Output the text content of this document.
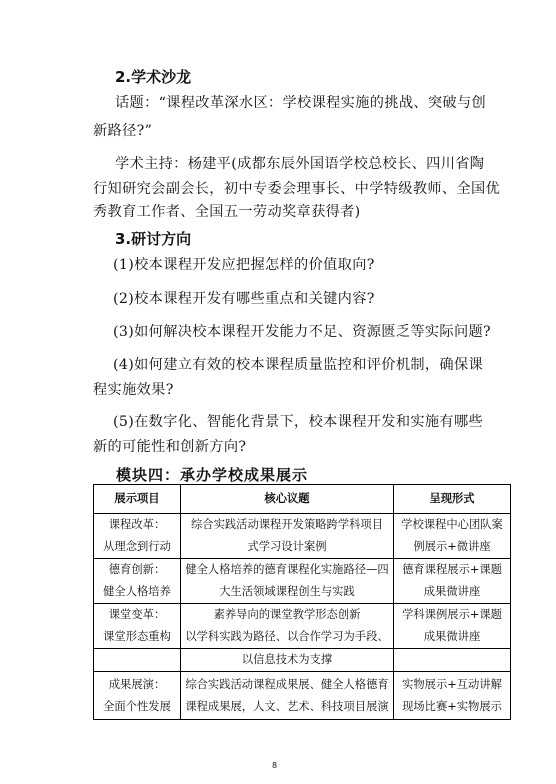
2.学术沙龙
话题：“课程改革深水区：学校课程实施的挑战、突破与创
新路径?”
学术主持：杨建平(成都东辰外国语学校总校长、四川省陶
行知研究会副会长，初中专委会理事长、中学特级教师、全国优
秀教育工作者、全国五一劳动奖章获得者)
3.研讨方向
(1)校本课程开发应把握怎样的价值取向?
(2)校本课程开发有哪些重点和关键内容?
(3)如何解决校本课程开发能力不足、资源匮乏等实际问题?
(4)如何建立有效的校本课程质量监控和评价机制，确保课
程实施效果?
(5)在数字化、智能化背景下，校本课程开发和实施有哪些
新的可能性和创新方向?
模块四：承办学校成果展示
展示项目	核心议题	呈现形式

课程改革：
从理念到行动	综合实践活动课程开发策略跨学科项目
式学习设计案例	学校课程中心团队案
例展示+微讲座

德育创新：
健全人格培养	健全人格培养的德育课程化实施路径—四
大生活领域课程创生与实践	德育课程展示+课题
成果微讲座

课堂变革：
课堂形态重构	素养导向的课堂教学形态创新
以学科实践为路径、以合作学习为手段、	学科课例展示+课题
成果微讲座

	以信息技术为支撑	

成果展演：
全面个性发展	综合实践活动课程成果展、健全人格德育
课程成果展，人文、艺术、科技项目展演	实物展示+互动讲解
现场比赛+实物展示
8
